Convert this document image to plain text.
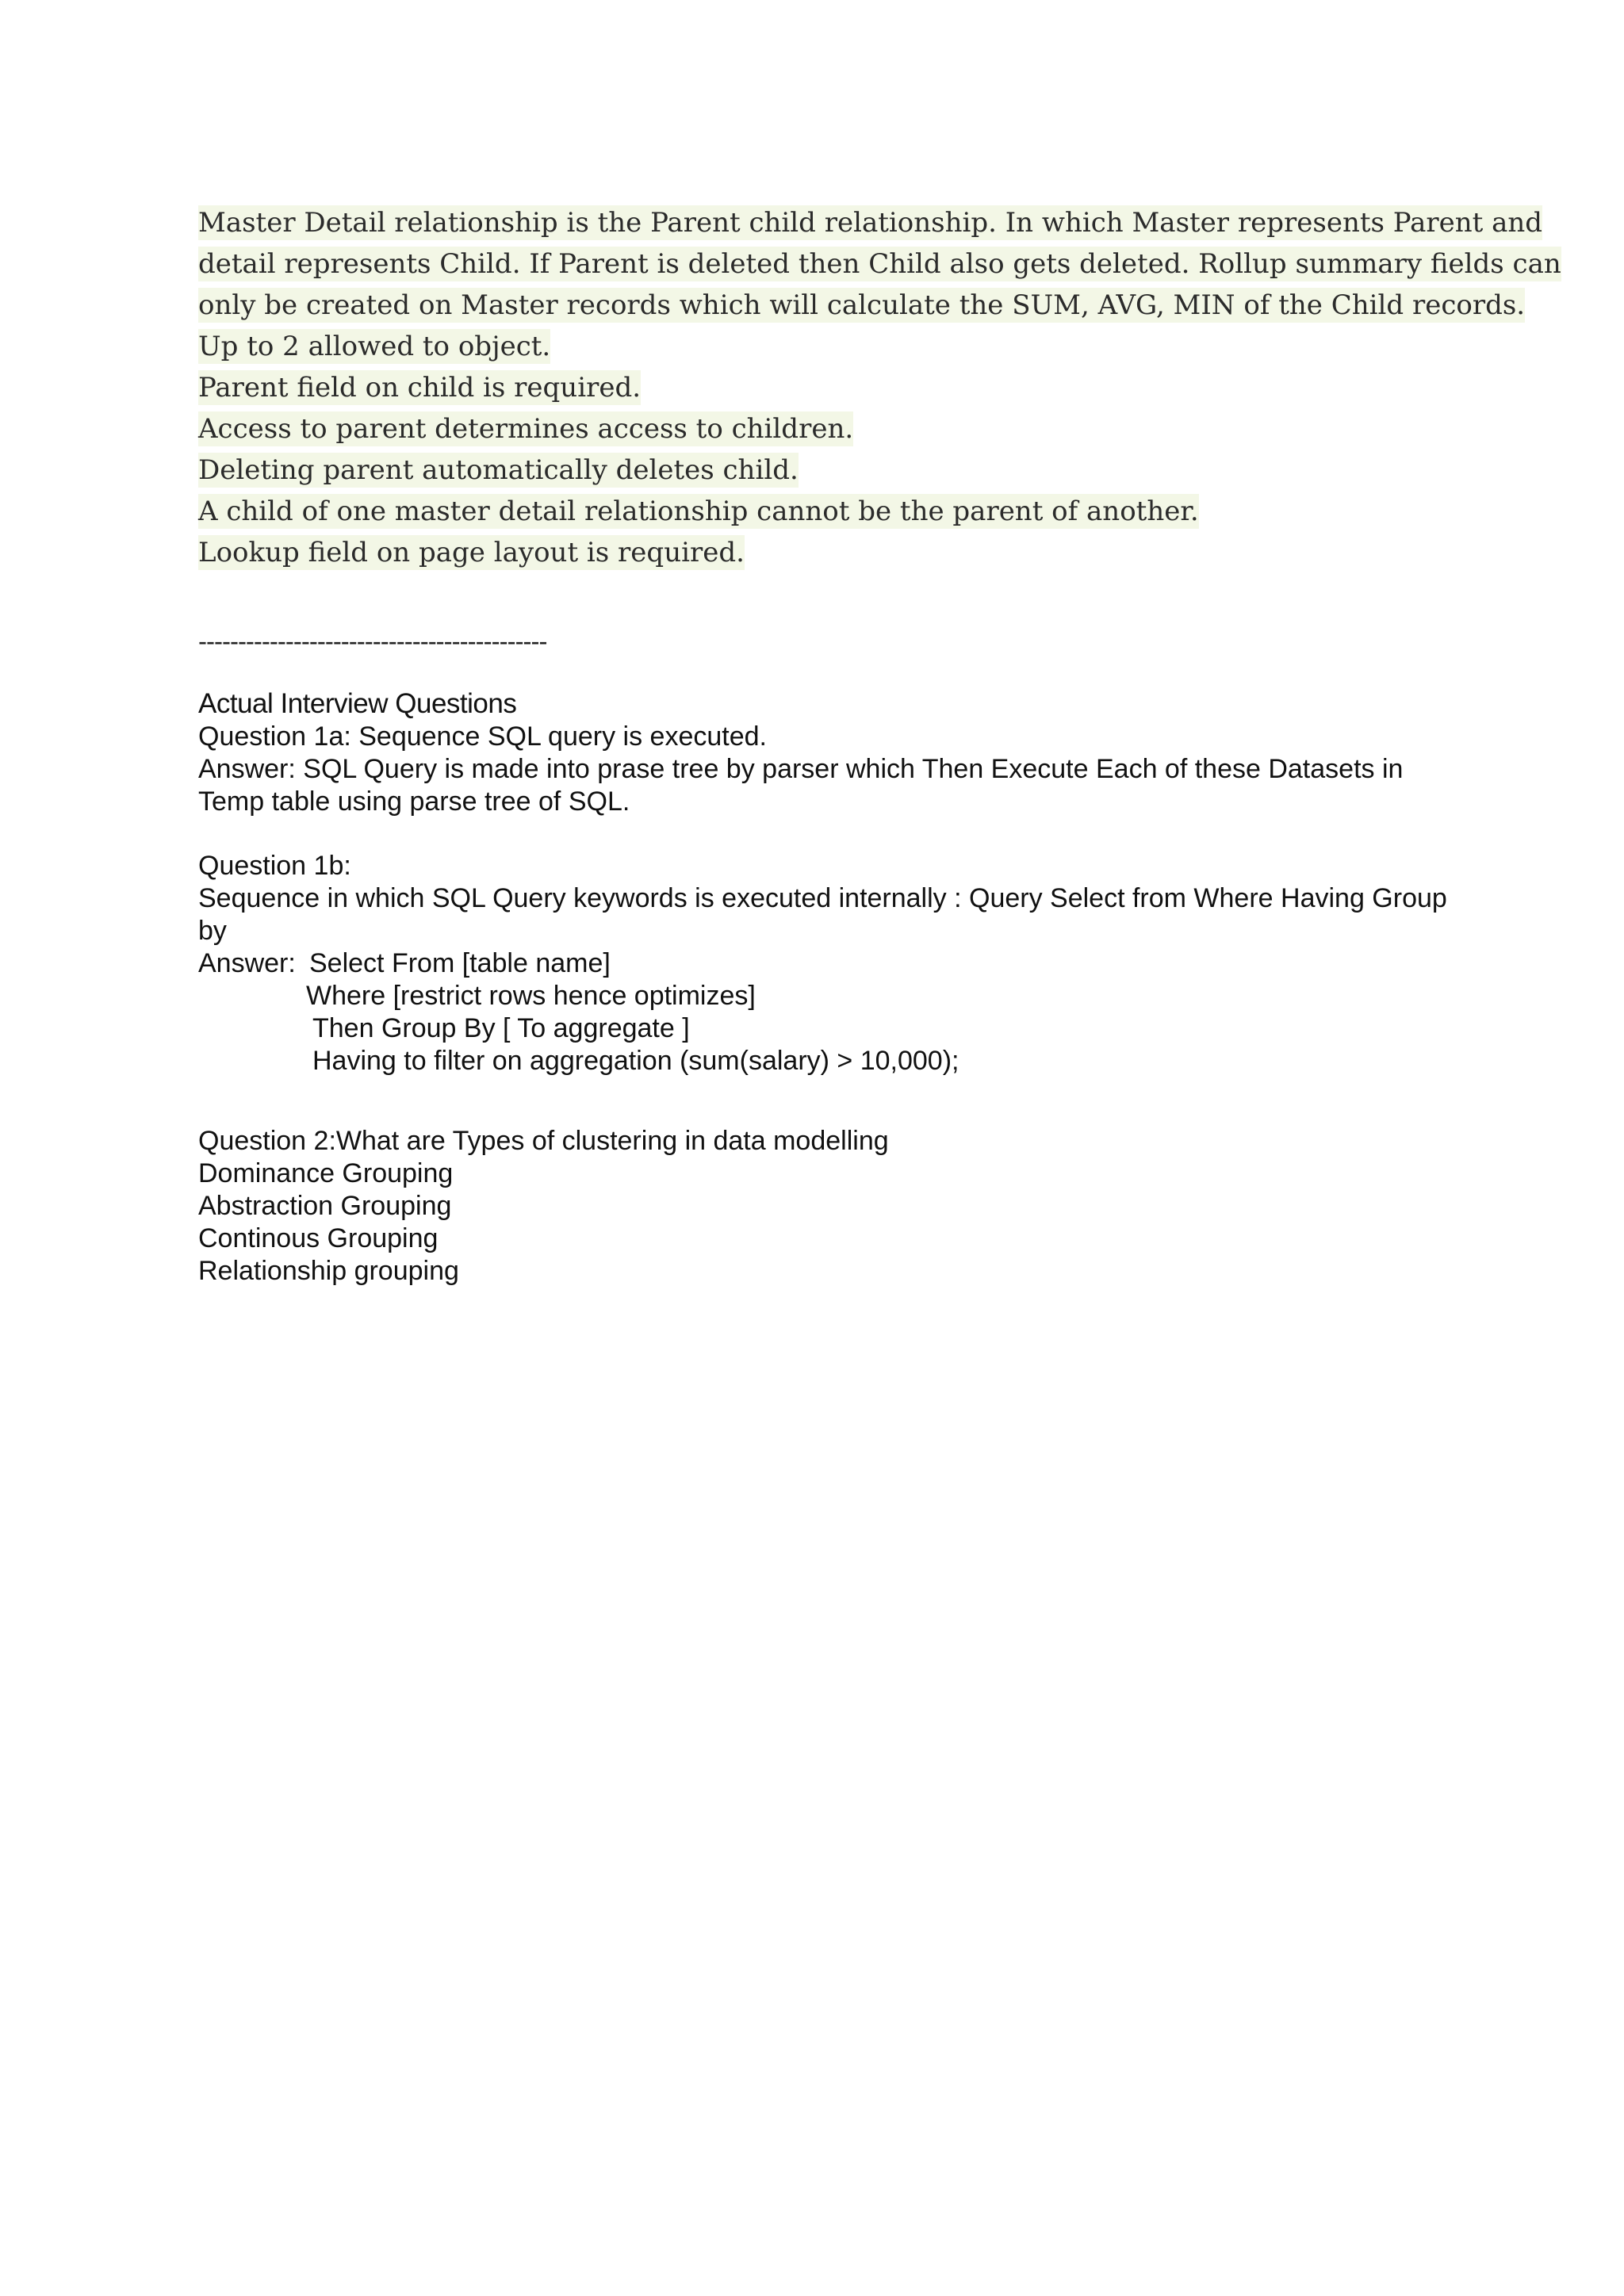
Master Detail relationship is the Parent child relationship. In which Master represents Parent and
detail represents Child. If Parent is deleted then Child also gets deleted. Rollup summary fields can
only be created on Master records which will calculate the SUM, AVG, MIN of the Child records.
Up to 2 allowed to object.
Parent field on child is required.
Access to parent determines access to children.
Deleting parent automatically deletes child.
A child of one master detail relationship cannot be the parent of another.
Lookup field on page layout is required.
--------------------------------------------
Actual Interview Questions
Question 1a: Sequence SQL query is executed.
Answer: SQL Query is made into prase tree by parser which Then Execute Each of these Datasets in
Temp table using parse tree of SQL.
Question 1b:
Sequence in which SQL Query keywords is executed internally : Query Select from Where Having Group
by
Answer: Select From [table name]
Where [restrict rows hence optimizes]
Then Group By [ To aggregate ]
Having to filter on aggregation (sum(salary) > 10,000);
Question 2:What are Types of clustering in data modelling
Dominance Grouping
Abstraction Grouping
Continous Grouping
Relationship grouping
